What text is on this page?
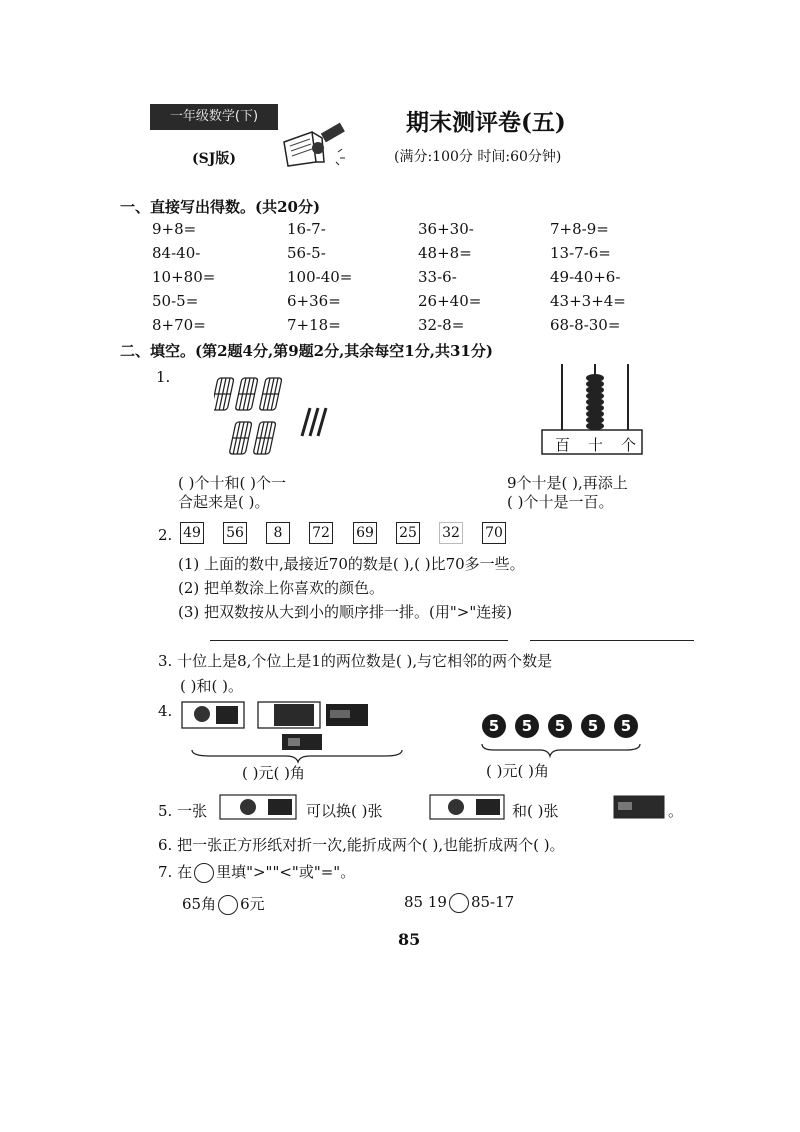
一年级数学(下)
(SJ版)
期末测评卷(五)
(满分:100分 时间:60分钟)
一、直接写出得数。(共20分)
9+8=	16-7-	36+30-	7+8-9=
84-40-	56-5-	48+8=	13-7-6=
10+80=	100-40=	33-6-	49-40+6-
50-5=	6+36=	26+40=	43+3+4=
8+70=	7+18=	32-8=	68-8-30=
二、填空。(第2题4分,第9题2分,其余每空1分,共31分)
1.
百 十 个
( )个十和( )个一
合起来是( )。
9个十是( ),再添上
( )个十是一百。
2. 49 56	8	72 69 25 32 70
(1) 上面的数中,最接近70的数是( ),( )比70多一些。
(2) 把单数涂上你喜欢的颜色。
(3) 把双数按从大到小的顺序排一排。(用">"连接)
3. 十位上是8,个位上是1的两位数是( ),与它相邻的两个数是
( )和( )。
4.
( )元( )角
5	5	5	5	5
( )元( )角
5. 一张	可以换( )张	和( )张	。
6. 把一张正方形纸对折一次,能折成两个( ),也能折成两个( )。
7. 在 里填">""<"或"="。
65角 6元	85 19 85-17
85
